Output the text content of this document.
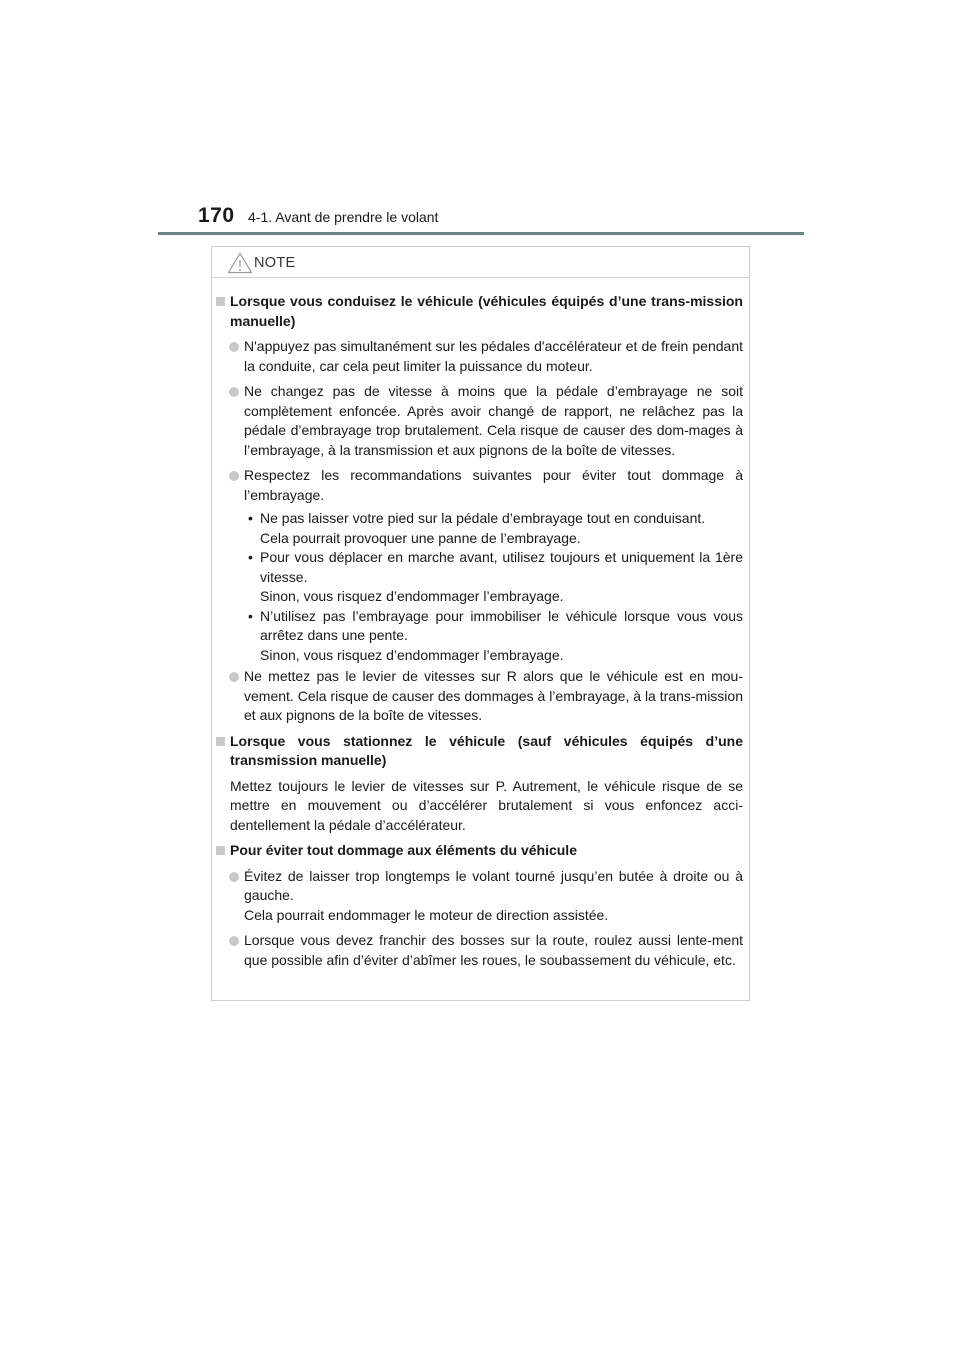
170 4-1. Avant de prendre le volant
NOTE

Lorsque vous conduisez le véhicule (véhicules équipés d’une trans-mission manuelle)

N'appuyez pas simultanément sur les pédales d'accélérateur et de frein pendant la conduite, car cela peut limiter la puissance du moteur.

Ne changez pas de vitesse à moins que la pédale d’embrayage ne soit complètement enfoncée. Après avoir changé de rapport, ne relâchez pas la pédale d’embrayage trop brutalement. Cela risque de causer des dom-mages à l’embrayage, à la transmission et aux pignons de la boîte de vitesses.

Respectez les recommandations suivantes pour éviter tout dommage à l’embrayage.

• Ne pas laisser votre pied sur la pédale d’embrayage tout en conduisant.
Cela pourrait provoquer une panne de l’embrayage.

• Pour vous déplacer en marche avant, utilisez toujours et uniquement la 1ère vitesse.
Sinon, vous risquez d’endommager l’embrayage.

• N’utilisez pas l’embrayage pour immobiliser le véhicule lorsque vous vous arrêtez dans une pente.
Sinon, vous risquez d’endommager l’embrayage.

Ne mettez pas le levier de vitesses sur R alors que le véhicule est en mou-vement. Cela risque de causer des dommages à l’embrayage, à la trans-mission et aux pignons de la boîte de vitesses.

Lorsque vous stationnez le véhicule (sauf véhicules équipés d’une transmission manuelle)

Mettez toujours le levier de vitesses sur P. Autrement, le véhicule risque de se mettre en mouvement ou d’accélérer brutalement si vous enfoncez acci-dentellement la pédale d’accélérateur.

Pour éviter tout dommage aux éléments du véhicule

Évitez de laisser trop longtemps le volant tourné jusqu’en butée à droite ou à gauche.
Cela pourrait endommager le moteur de direction assistée.

Lorsque vous devez franchir des bosses sur la route, roulez aussi lente-ment que possible afin d’éviter d’abîmer les roues, le soubassement du véhicule, etc.
